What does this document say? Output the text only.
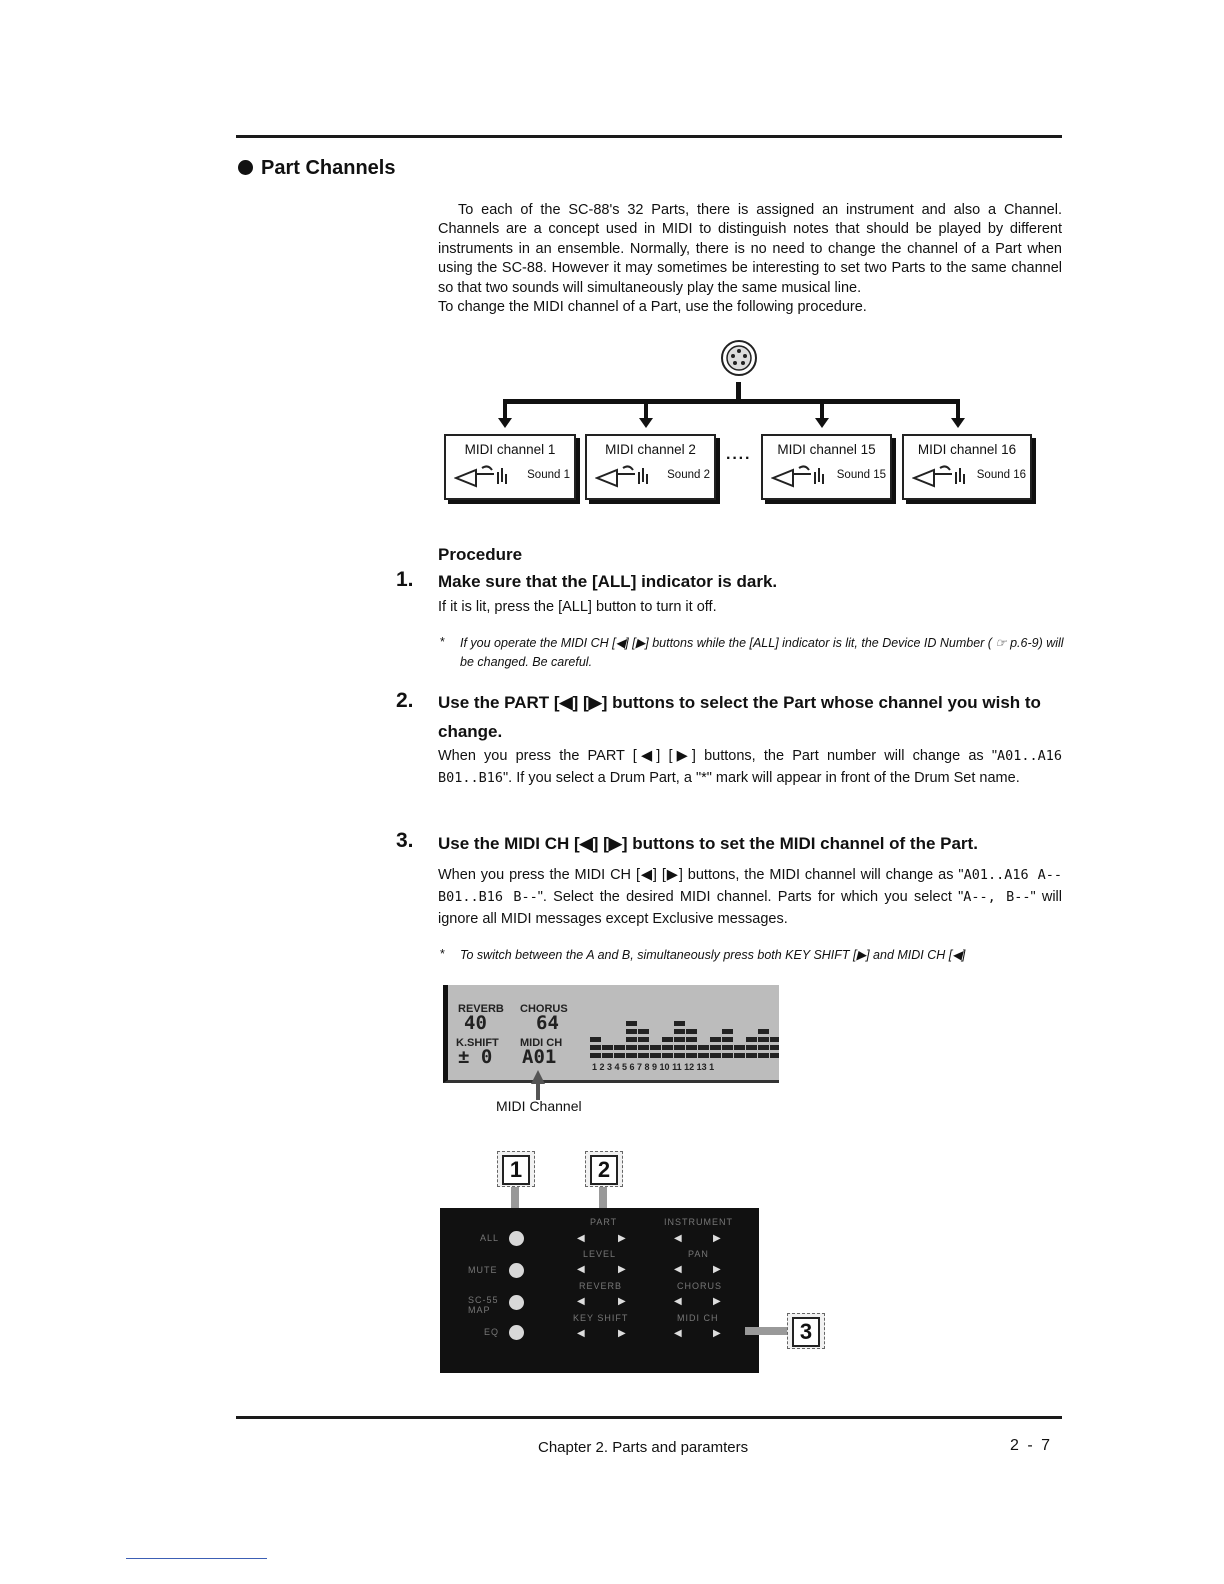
Part Channels

To each of the SC-88's 32 Parts, there is assigned an instrument and also a Channel. Channels are a concept used in MIDI to distinguish notes that should be played by different instruments in an ensemble. Normally, there is no need to change the channel of a Part when using the SC-88. However it may sometimes be interesting to set two Parts to the same channel so that two sounds will simultaneously play the same musical line.

To change the MIDI channel of a Part, use the following procedure.

MIDI channel 1
Sound 1
MIDI channel 2
Sound 2
····
MIDI channel 15
Sound 15
MIDI channel 16
Sound 16
Procedure
1. Make sure that the [ALL] indicator is dark.
If it is lit, press the [ALL] button to turn it off.
* If you operate the MIDI CH [◀] [▶] buttons while the [ALL] indicator is lit, the Device ID Number ( ☞ p.6-9) will be changed. Be careful.
2. Use the PART [◀] [▶] buttons to select the Part whose channel you wish to change.
When you press the PART [◀] [▶] buttons, the Part number will change as "A01..A16 B01..B16". If you select a Drum Part, a "*" mark will appear in front of the Drum Set name.
3. Use the MIDI CH [◀] [▶] buttons to set the MIDI channel of the Part.
When you press the MIDI CH [◀] [▶] buttons, the MIDI channel will change as "A01..A16 A-- B01..B16 B--". Select the desired MIDI channel. Parts for which you select "A--, B--" will ignore all MIDI messages except Exclusive messages.
* To switch between the A and B, simultaneously press both KEY SHIFT [▶] and MIDI CH [◀]
REVERB CHORUS
40	64
K.SHIFT MIDI CH
± 0 A01	1 2 3 4 5 6 7 8 9 10 11 12 13 1
MIDI Channel
1	2
ALL
MUTE
SC-55 MAP
EQ
PART	INSTRUMENT
◀	▶	◀	▶
LEVEL	PAN
◀	▶	◀	▶
REVERB	CHORUS
◀	▶	◀	▶
KEY SHIFT	MIDI CH
◀	▶	◀	▶	3
Chapter 2. Parts and paramters	2 - 7
